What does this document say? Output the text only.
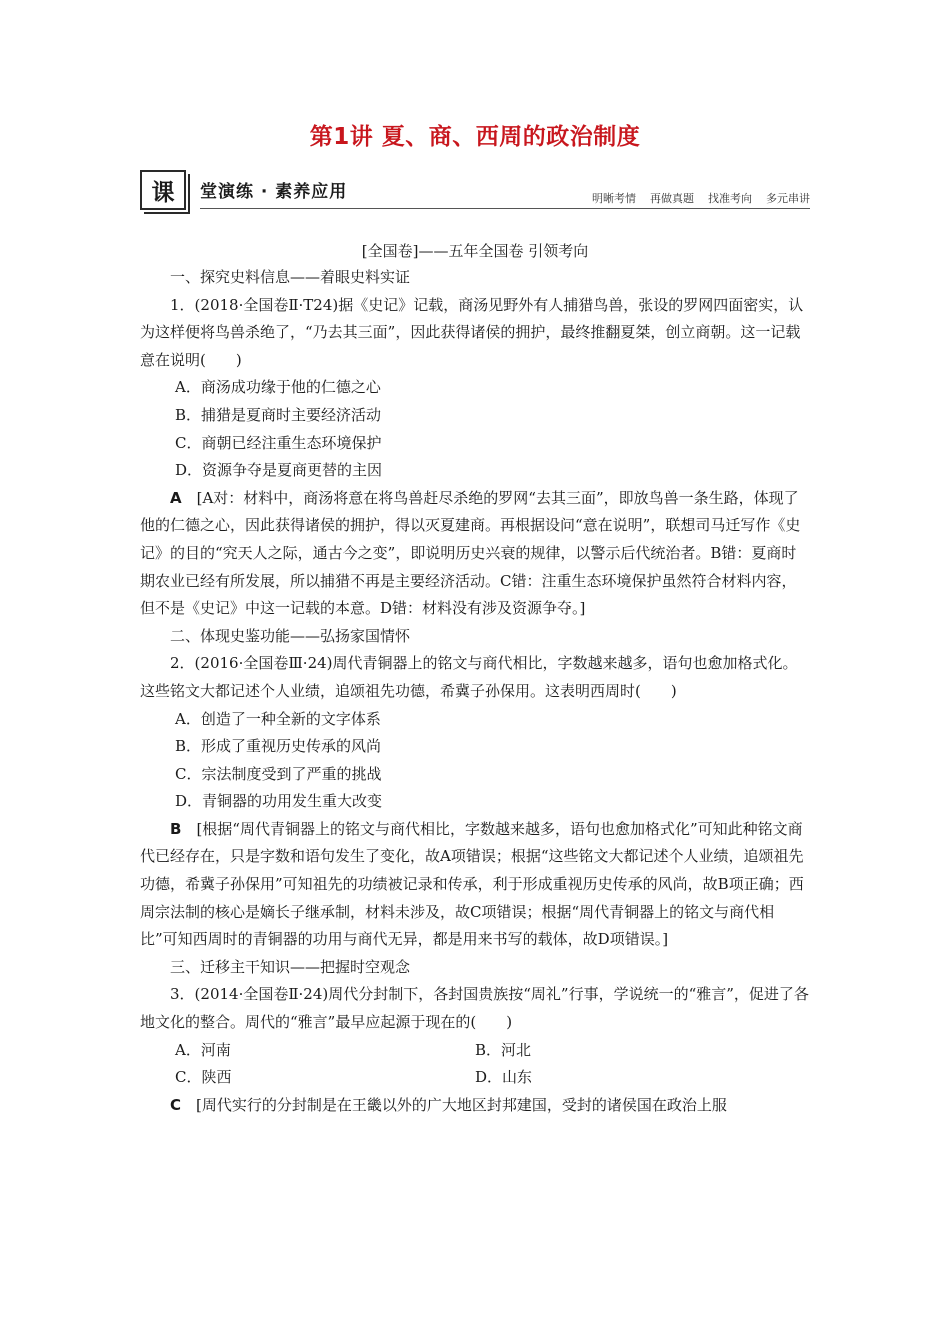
第1讲 夏、商、西周的政治制度
课	堂演练 · 素养应用	明晰考情 再做真题 找准考向 多元串讲
[全国卷]——五年全国卷 引领考向

一、探究史料信息——着眼史料实证

1．(2018·全国卷Ⅱ·T24)据《史记》记载，商汤见野外有人捕猎鸟兽，张设的罗网四面密实，认为这样便将鸟兽杀绝了，“乃去其三面”，因此获得诸侯的拥护，最终推翻夏桀，创立商朝。这一记载意在说明(　　)

A．商汤成功缘于他的仁德之心

B．捕猎是夏商时主要经济活动

C．商朝已经注重生态环境保护

D．资源争夺是夏商更替的主因

A　[A对：材料中，商汤将意在将鸟兽赶尽杀绝的罗网“去其三面”，即放鸟兽一条生路，体现了他的仁德之心，因此获得诸侯的拥护，得以灭夏建商。再根据设问“意在说明”，联想司马迁写作《史记》的目的“究天人之际，通古今之变”，即说明历史兴衰的规律，以警示后代统治者。B错：夏商时期农业已经有所发展，所以捕猎不再是主要经济活动。C错：注重生态环境保护虽然符合材料内容，但不是《史记》中这一记载的本意。D错：材料没有涉及资源争夺。]

二、体现史鉴功能——弘扬家国情怀

2．(2016·全国卷Ⅲ·24)周代青铜器上的铭文与商代相比，字数越来越多，语句也愈加格式化。这些铭文大都记述个人业绩，追颂祖先功德，希冀子孙保用。这表明西周时(　　)

A．创造了一种全新的文字体系

B．形成了重视历史传承的风尚

C．宗法制度受到了严重的挑战

D．青铜器的功用发生重大改变

B　[根据“周代青铜器上的铭文与商代相比，字数越来越多，语句也愈加格式化”可知此种铭文商代已经存在，只是字数和语句发生了变化，故A项错误；根据“这些铭文大都记述个人业绩，追颂祖先功德，希冀子孙保用”可知祖先的功绩被记录和传承，利于形成重视历史传承的风尚，故B项正确；西周宗法制的核心是嫡长子继承制，材料未涉及，故C项错误；根据“周代青铜器上的铭文与商代相比”可知西周时的青铜器的功用与商代无异，都是用来书写的载体，故D项错误。]

三、迁移主干知识——把握时空观念

3．(2014·全国卷Ⅱ·24)周代分封制下，各封国贵族按“周礼”行事，学说统一的“雅言”，促进了各地文化的整合。周代的“雅言”最早应起源于现在的(　　)

A．河南	B．河北
C．陕西	D．山东

C　[周代实行的分封制是在王畿以外的广大地区封邦建国，受封的诸侯国在政治上服
